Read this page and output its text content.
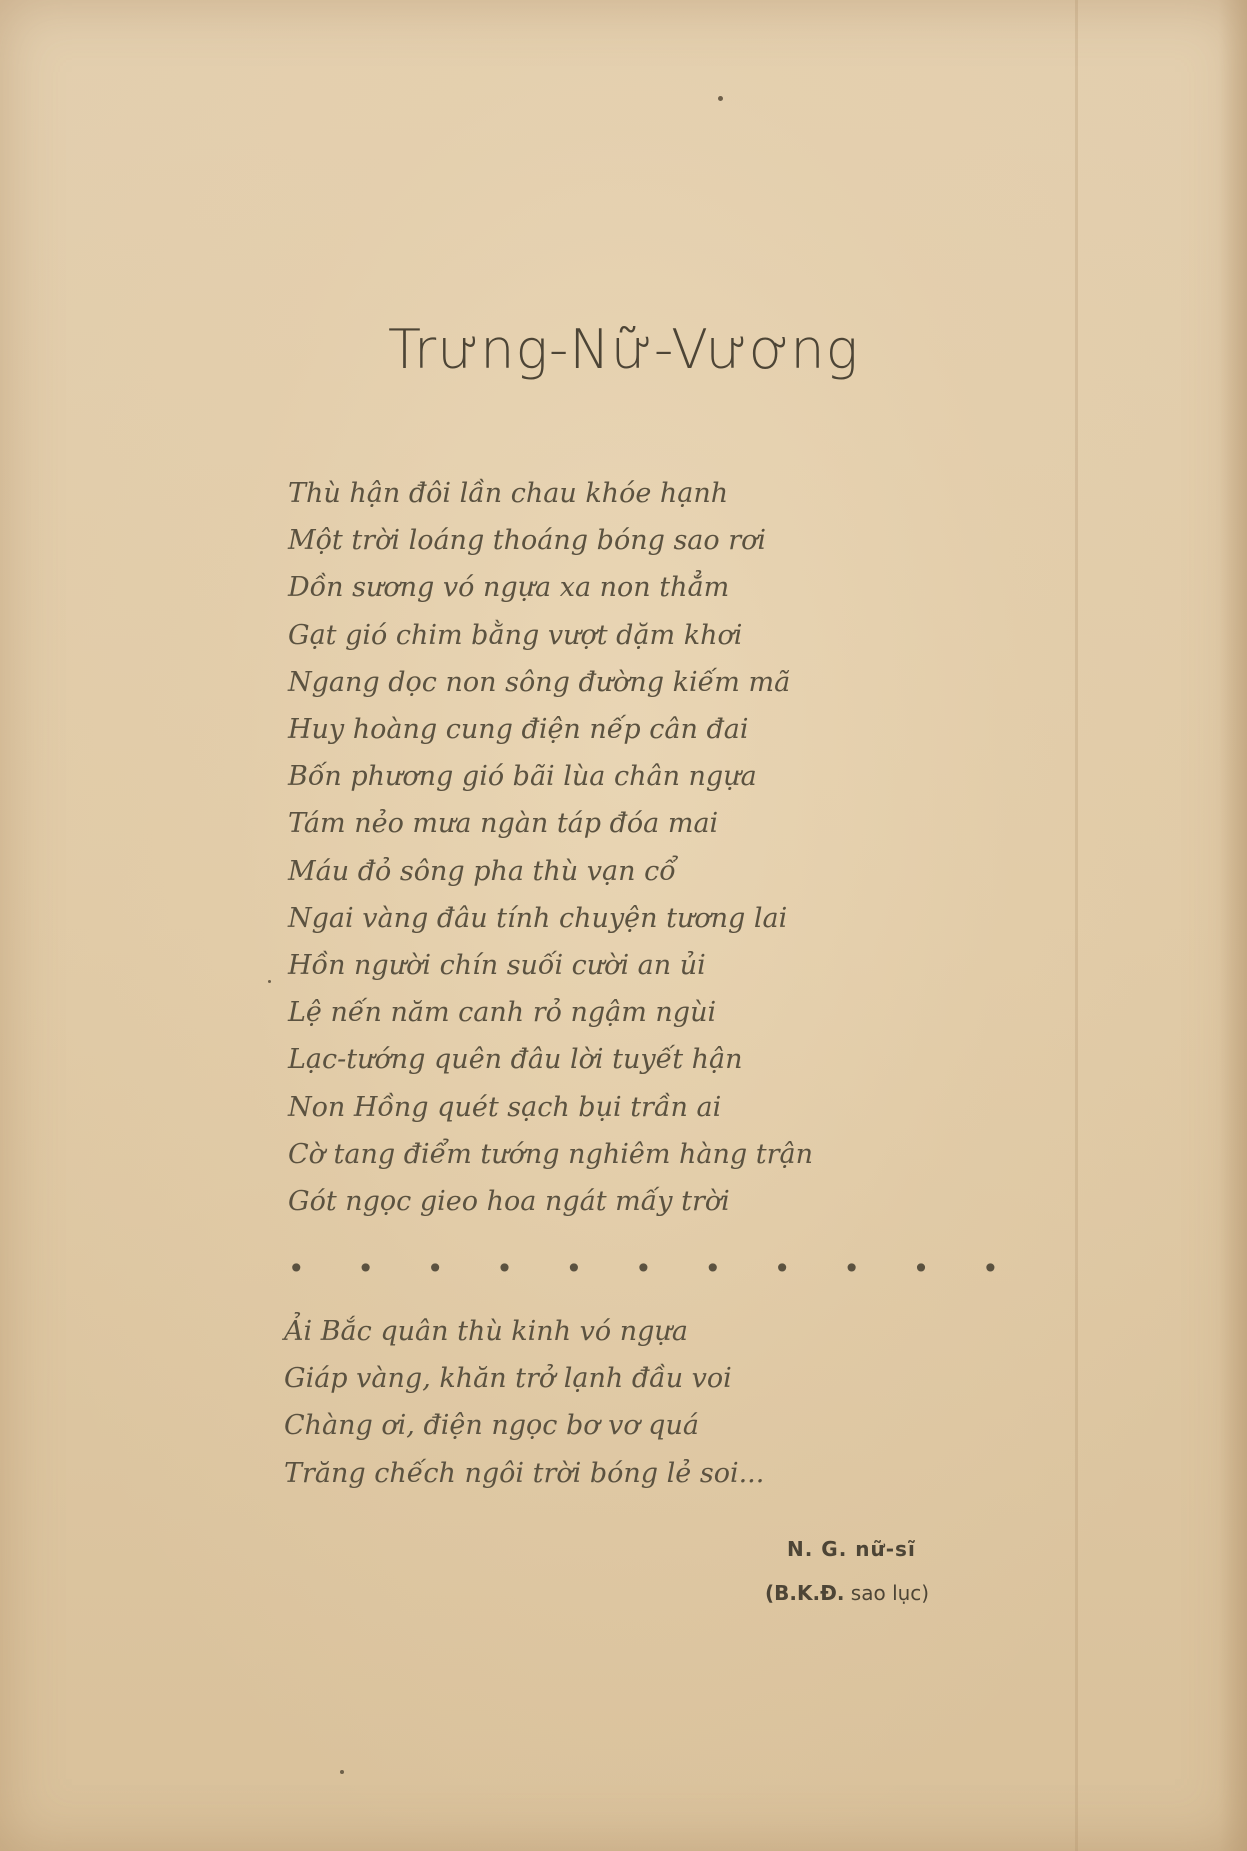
Trưng-Nữ-Vương
Thù hận đôi lần chau khóe hạnh
Một trời loáng thoáng bóng sao rơi
Dồn sương vó ngựa xa non thẳm
Gạt gió chim bằng vượt dặm khơi
Ngang dọc non sông đường kiếm mã
Huy hoàng cung điện nếp cân đai
Bốn phương gió bãi lùa chân ngựa
Tám nẻo mưa ngàn táp đóa mai
Máu đỏ sông pha thù vạn cổ
Ngai vàng đâu tính chuyện tương lai
Hồn người chín suối cười an ủi
Lệ nến năm canh rỏ ngậm ngùi
Lạc-tướng quên đâu lời tuyết hận
Non Hồng quét sạch bụi trần ai
Cờ tang điểm tướng nghiêm hàng trận
Gót ngọc gieo hoa ngát mấy trời

• • • • • • • • • • •

Ải Bắc quân thù kinh vó ngựa
Giáp vàng, khăn trở lạnh đầu voi
Chàng ơi, điện ngọc bơ vơ quá
Trăng chếch ngôi trời bóng lẻ soi...

N. G. nữ-sĩ

(B.K.Đ. sao lục)
